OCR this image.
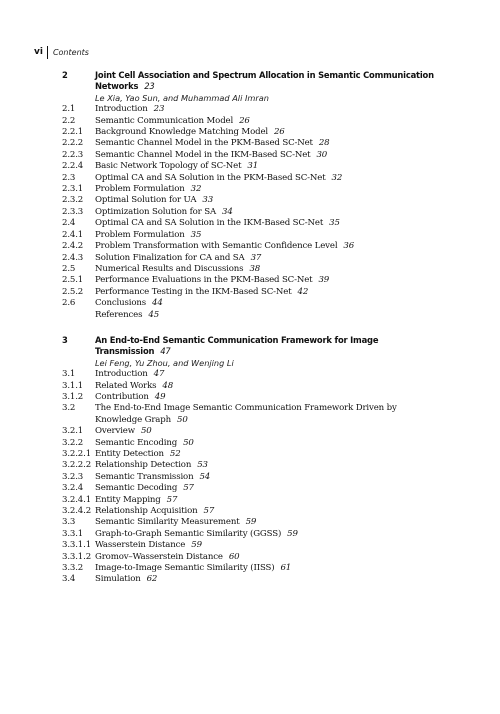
vi	Contents
2	Joint Cell Association and Spectrum Allocation in Semantic Communication Networks 23
Le Xia, Yao Sun, and Muhammad Ali Imran
2.1 Introduction 23
2.2 Semantic Communication Model 26
2.2.1 Background Knowledge Matching Model 26
2.2.2 Semantic Channel Model in the PKM-Based SC-Net 28
2.2.3 Semantic Channel Model in the IKM-Based SC-Net 30
2.2.4 Basic Network Topology of SC-Net 31
2.3 Optimal CA and SA Solution in the PKM-Based SC-Net 32
2.3.1 Problem Formulation 32
2.3.2 Optimal Solution for UA 33
2.3.3 Optimization Solution for SA 34
2.4 Optimal CA and SA Solution in the IKM-Based SC-Net 35
2.4.1 Problem Formulation 35
2.4.2 Problem Transformation with Semantic Confidence Level 36
2.4.3 Solution Finalization for CA and SA 37
2.5 Numerical Results and Discussions 38
2.5.1 Performance Evaluations in the PKM-Based SC-Net 39
2.5.2 Performance Testing in the IKM-Based SC-Net 42
2.6 Conclusions 44
References 45
3	An End-to-End Semantic Communication Framework for Image Transmission 47
Lei Feng, Yu Zhou, and Wenjing Li
3.1 Introduction 47
3.1.1 Related Works 48
3.1.2 Contribution 49
3.2 The End-to-End Image Semantic Communication Framework Driven by Knowledge Graph 50
3.2.1 Overview 50
3.2.2 Semantic Encoding 50
3.2.2.1 Entity Detection 52
3.2.2.2 Relationship Detection 53
3.2.3 Semantic Transmission 54
3.2.4 Semantic Decoding 57
3.2.4.1 Entity Mapping 57
3.2.4.2 Relationship Acquisition 57
3.3 Semantic Similarity Measurement 59
3.3.1 Graph-to-Graph Semantic Similarity (GGSS) 59
3.3.1.1 Wasserstein Distance 59
3.3.1.2 Gromov–Wasserstein Distance 60
3.3.2 Image-to-Image Semantic Similarity (IISS) 61
3.4 Simulation 62
